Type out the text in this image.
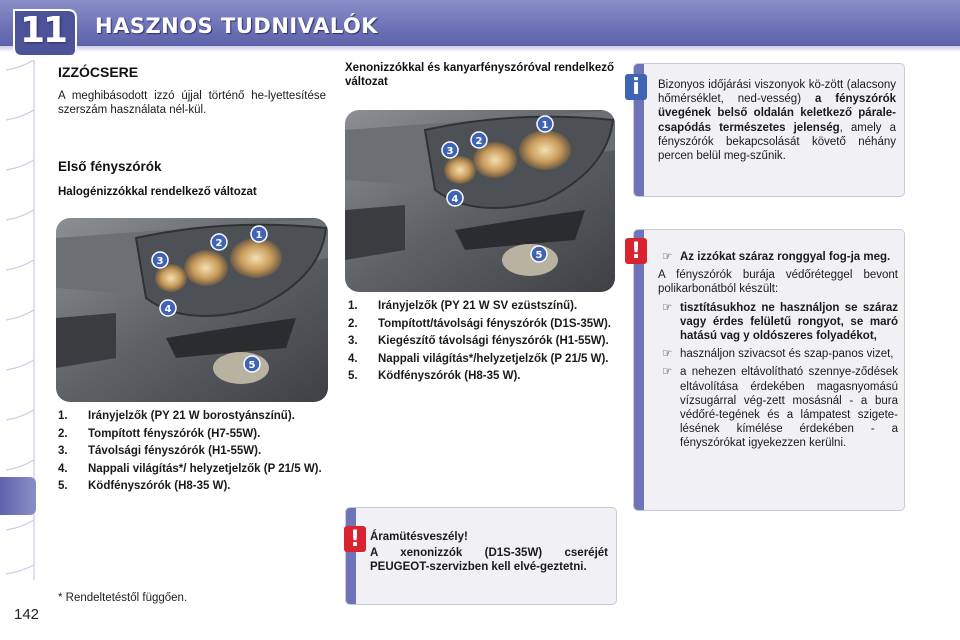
11 HASZNOS TUDNIVALÓK
IZZÓCSERE
A meghibásodott izzó újjal történő he-lyettesítése szerszám használata nél-kül.
Első fényszórók
Halogénizzókkal rendelkező változat
1
2
3
4
5
1. Irányjelzők (PY 21 W borostyánszínű).
2. Tompított fényszórók (H7-55W).
3. Távolsági fényszórók (H1-55W).
4. Nappali világítás*/ helyzetjelzők (P 21/5 W).
5. Ködfényszórók (H8-35 W).
* Rendeltetéstől függően.
142
Xenonizzókkal és kanyarfényszóróval rendelkező változat
1
2
3
4
5
1. Irányjelzők (PY 21 W SV ezüstszínű).
2. Tompított/távolsági fényszórók (D1S-35W).
3. Kiegészítő távolsági fényszórók (H1-55W).
4. Nappali világítás*/helyzetjelzők (P 21/5 W).
5. Ködfényszórók (H8-35 W).
Áramütésveszély!
A xenonizzók (D1S-35W) cseréjét PEUGEOT-szervizben kell elvé-geztetni.
!
Bizonyos időjárási viszonyok kö-zött (alacsony hőmérséklet, ned-vesség) a fényszórók üvegének belső oldalán keletkező párale-csapódás természetes jelenség, amely a fényszórók bekapcsolását követő néhány percen belül meg-szűnik.
i
☞ Az izzókat száraz ronggyal fog-ja meg.
A fényszórók burája védőréteggel bevont polikarbonátból készült:
☞ tisztításukhoz ne használjon se száraz vagy érdes felületű rongyot, se maró hatású vag y oldószeres folyadékot,
☞ használjon szivacsot és szap-panos vizet,
☞ a nehezen eltávolítható szennye-ződések eltávolítása érdekében magasnyomású vízsugárral vég-zett mosásnál - a bura védőré-tegének és a lámpatest szigete-lésének kímélése érdekében - a fényszórókat igyekezzen kerülni.
!
